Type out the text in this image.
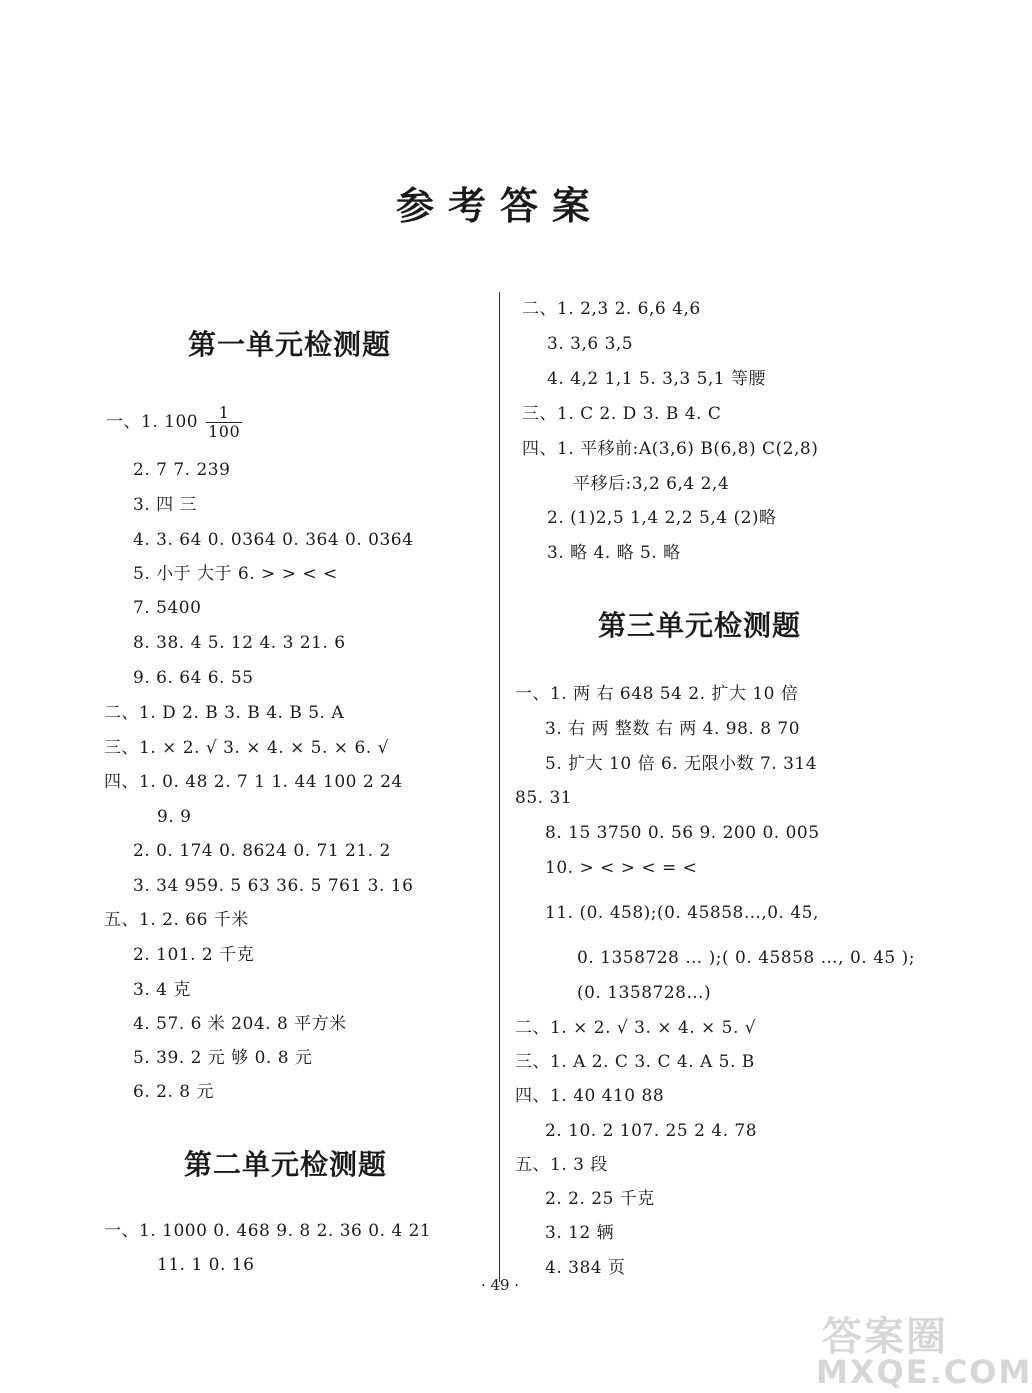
参考答案
第一单元检测题
一、1. $100 \frac{1}{100}$
2. 7 7. 239
3. 四 三
4. 3. 64 0. 0364 0. 364 0. 0364
5. 小于 大于 6. > > < <
7. 5400
8. 38. 4 5. 12 4. 3 21. 6
9. 6. 64 6. 55
二、1. D 2. B 3. B 4. B 5. A
三、1. × 2. √ 3. × 4. × 5. × 6. √
四、1. 0. 48 2. 7 1 1. 44 100 2 24
9. 9
2. 0. 174 0. 8624 0. 71 21. 2
3. 34 959. 5 63 36. 5 761 3. 16
五、1. 2. 66 千米
2. 101. 2 千克
3. 4 克
4. 57. 6 米 204. 8 平方米
5. 39. 2 元 够 0. 8 元
6. 2. 8 元
第二单元检测题
一、1. 1000 0. 468 9. 8 2. 36 0. 4 21
11. 1 0. 16
二、1. 2,3 2. 6,6 4,6
3. 3,6 3,5
4. 4,2 1,1 5. 3,3 5,1 等腰
三、1. C 2. D 3. B 4. C
四、1. 平移前:A(3,6) B(6,8) C(2,8)
平移后:3,2 6,4 2,4
2. (1)2,5 1,4 2,2 5,4 (2)略
3. 略 4. 略 5. 略
第三单元检测题
一、1. 两 右 648 54 2. 扩大 10 倍
3. 右 两 整数 右 两 4. 98. 8 70
5. 扩大 10 倍 6. 无限小数 7. 314
85. 31
8. 15 3750 0. 56 9. 200 0. 005
10. > < > < = <
11. (0. 458);(0. 45858…,0. 4̇5̇,
0. 1358728 … );( 0. 45858 …, 0. 4̇5̇ );
(0. 1358728…)
二、1. × 2. √ 3. × 4. × 5. √
三、1. A 2. C 3. C 4. A 5. B
四、1. 40 410 88
2. 10. 2 107. 25 2 4. 78
五、1. 3 段
2. 2. 25 千克
3. 12 辆
4. 384 页
· 49 ·
答案圈
MXQE.COM
